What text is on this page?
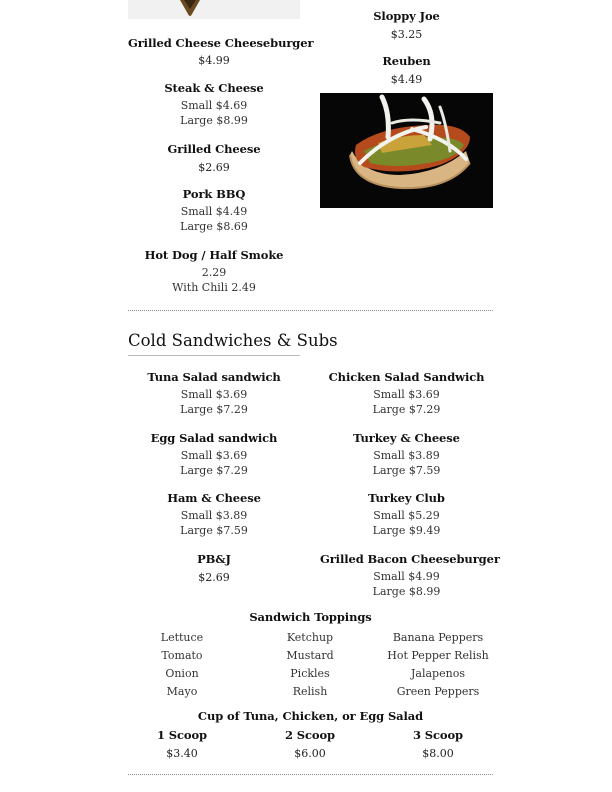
Grilled Cheese Cheeseburger
$4.99
Steak & Cheese
Small $4.69
Large $8.99
Grilled Cheese
$2.69
Pork BBQ
Small $4.49
Large $8.69
Hot Dog / Half Smoke
2.29
With Chili 2.49
Sloppy Joe
$3.25
Reuben
$4.49
Cold Sandwiches & Subs
Tuna Salad sandwich
Small $3.69
Large $7.29
Egg Salad sandwich
Small $3.69
Large $7.29
Ham & Cheese
Small $3.89
Large $7.59
PB&J
$2.69
Chicken Salad Sandwich
Small $3.69
Large $7.29
Turkey & Cheese
Small $3.89
Large $7.59
Turkey Club
Small $5.29
Large $9.49
Grilled Bacon Cheeseburger
Small $4.99
Large $8.99
Sandwich Toppings
Lettuce
Tomato
Onion
Mayo
Ketchup
Mustard
Pickles
Relish
Banana Peppers
Hot Pepper Relish
Jalapenos
Green Peppers
Cup of Tuna, Chicken, or Egg Salad
1 Scoop
$3.40
2 Scoop
$6.00
3 Scoop
$8.00
